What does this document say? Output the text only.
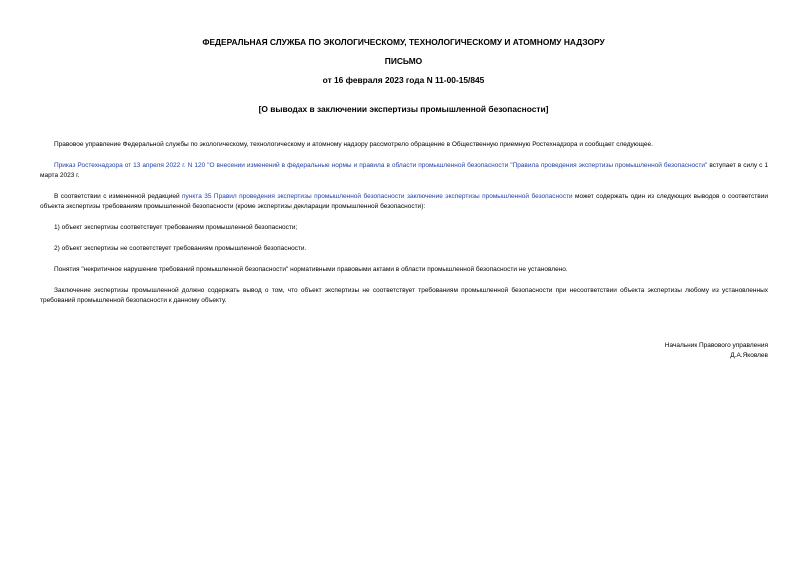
ФЕДЕРАЛЬНАЯ СЛУЖБА ПО ЭКОЛОГИЧЕСКОМУ, ТЕХНОЛОГИЧЕСКОМУ И АТОМНОМУ НАДЗОРУ
ПИСЬМО
от 16 февраля 2023 года N 11-00-15/845
[О выводах в заключении экспертизы промышленной безопасности]

Правовое управление Федеральной службы по экологическому, технологическому и атомному надзору рассмотрело обращение в Общественную приемную Ростехнадзора и сообщает следующее.

Приказ Ростехнадзора от 13 апреля 2022 г. N 120 "О внесении изменений в федеральные нормы и правила в области промышленной безопасности "Правила проведения экспертизы промышленной безопасности" вступает в силу с 1 марта 2023 г.

В соответствии с измененной редакцией пункта 35 Правил проведения экспертизы промышленной безопасности заключение экспертизы промышленной безопасности может содержать один из следующих выводов о соответствии объекта экспертизы требованиям промышленной безопасности (кроме экспертизы декларации промышленной безопасности):

1) объект экспертизы соответствует требованиям промышленной безопасности;

2) объект экспертизы не соответствует требованиям промышленной безопасности.

Понятия "некритичное нарушение требований промышленной безопасности" нормативными правовыми актами в области промышленной безопасности не установлено.

Заключение экспертизы промышленной должно содержать вывод о том, что объект экспертизы не соответствует требованиям промышленной безопасности при несоответствии объекта экспертизы любому из установленных требований промышленной безопасности к данному объекту.

Начальник Правового управления
Д.А.Яковлев
